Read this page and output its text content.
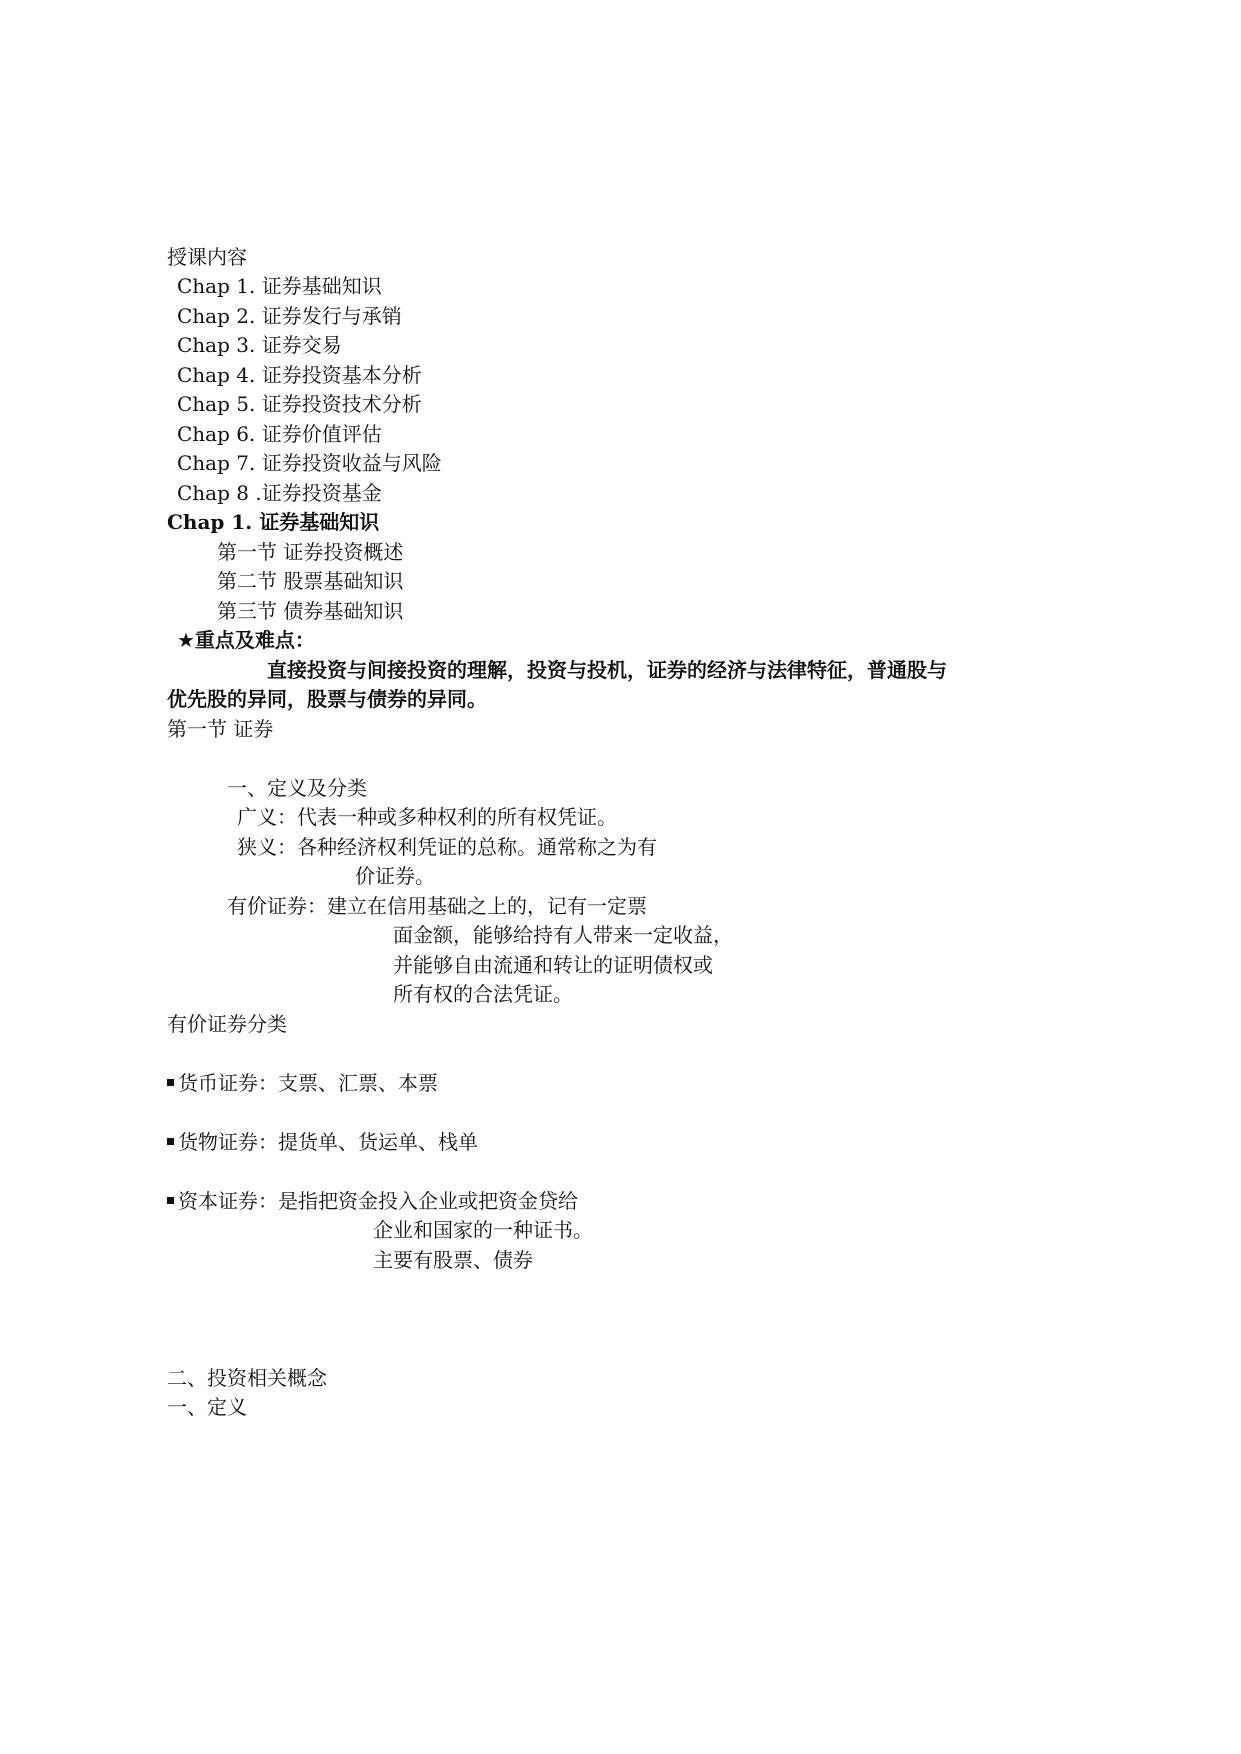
授课内容
Chap 1. 证券基础知识
Chap 2. 证券发行与承销
Chap 3. 证券交易
Chap 4. 证券投资基本分析
Chap 5. 证券投资技术分析
Chap 6. 证券价值评估
Chap 7. 证券投资收益与风险
Chap 8 .证券投资基金
Chap 1. 证券基础知识
第一节 证券投资概述
第二节 股票基础知识
第三节 债券基础知识
★重点及难点：
直接投资与间接投资的理解，投资与投机，证券的经济与法律特征，普通股与
优先股的异同，股票与债券的异同。
第一节 证券
一、定义及分类
广义：代表一种或多种权利的所有权凭证。
狭义：各种经济权利凭证的总称。通常称之为有
价证券。
有价证券：建立在信用基础之上的，记有一定票
面金额，能够给持有人带来一定收益，
并能够自由流通和转让的证明债权或
所有权的合法凭证。
有价证券分类
货币证券：支票、汇票、本票
货物证券：提货单、货运单、栈单
资本证券：是指把资金投入企业或把资金贷给
企业和国家的一种证书。
主要有股票、债券
二、投资相关概念
一、定义
